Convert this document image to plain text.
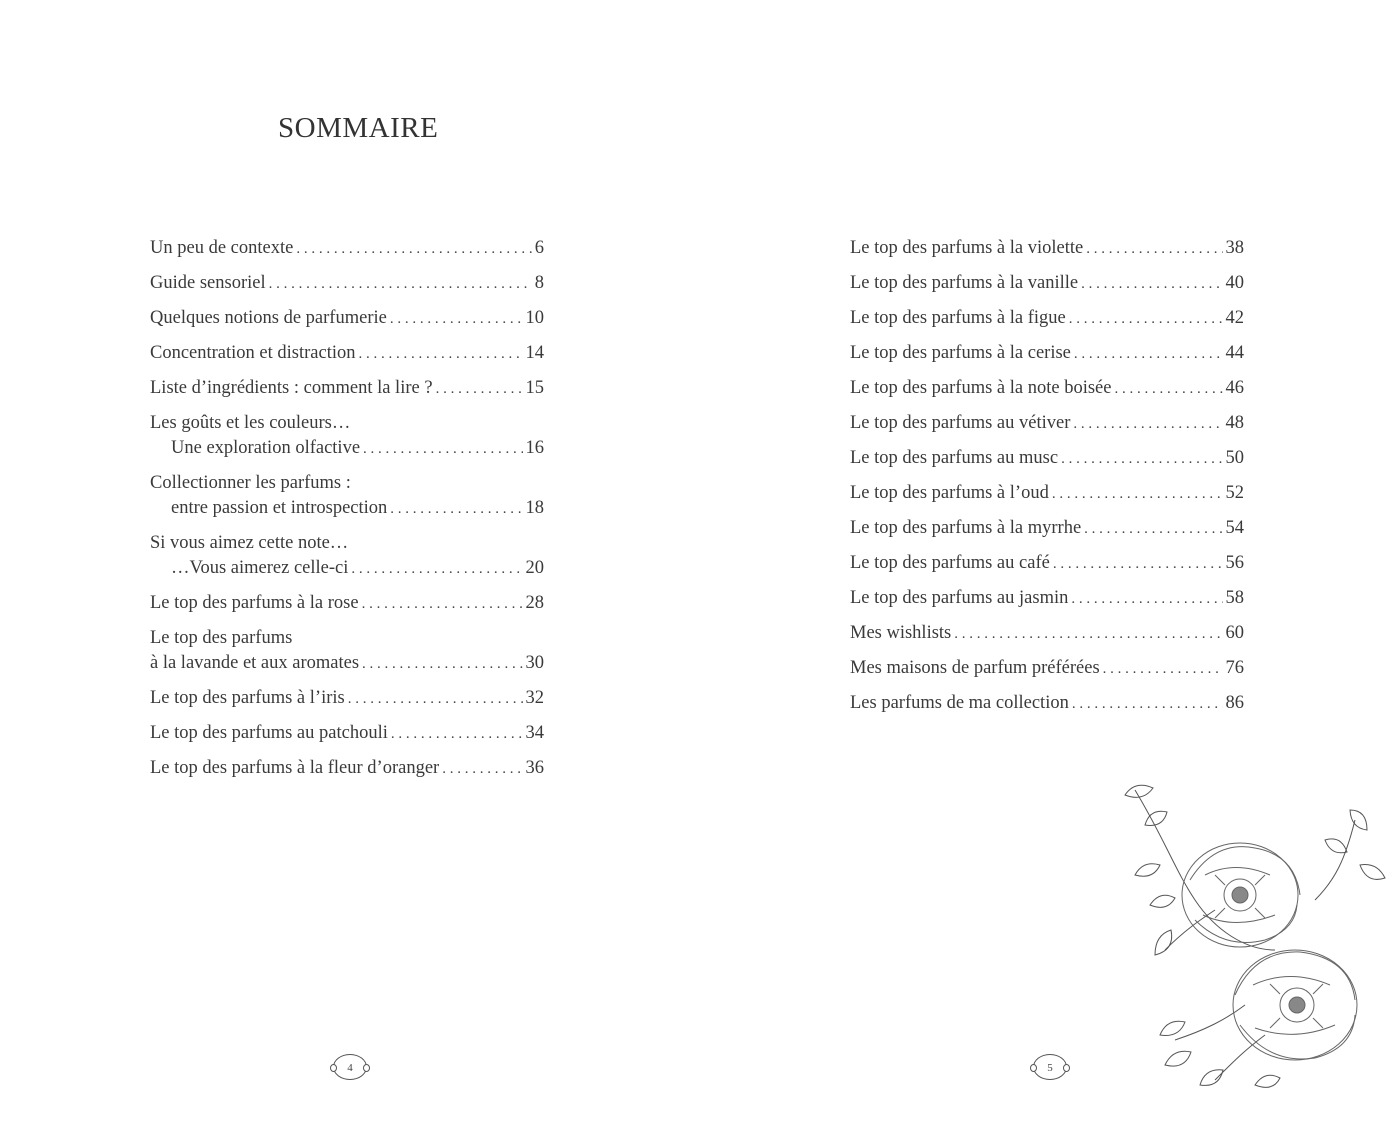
SOMMAIRE
Un peu de contexte . . .	6
Guide sensoriel . . .	8
Quelques notions de parfumerie . . .	10
Concentration et distraction . . .	14
Liste d’ingrédients : comment la lire ? . . .	15
Les goûts et les couleurs…
Une exploration olfactive . . .	16
Collectionner les parfums :
entre passion et introspection . . .	18
Si vous aimez cette note…
…Vous aimerez celle-ci . . .	20
Le top des parfums à la rose . . .	28
Le top des parfums
à la lavande et aux aromates . . .	30
Le top des parfums à l’iris . . .	32
Le top des parfums au patchouli . . .	34
Le top des parfums à la fleur d’oranger . . .	36
4
Le top des parfums à la violette . . .	38
Le top des parfums à la vanille . . .	40
Le top des parfums à la figue . . .	42
Le top des parfums à la cerise . . .	44
Le top des parfums à la note boisée . . .	46
Le top des parfums au vétiver . . .	48
Le top des parfums au musc . . .	50
Le top des parfums à l’oud . . .	52
Le top des parfums à la myrrhe . . .	54
Le top des parfums au café . . .	56
Le top des parfums au jasmin . . .	58
Mes wishlists . . .	60
Mes maisons de parfum préférées . . .	76
Les parfums de ma collection . . .	86
5
